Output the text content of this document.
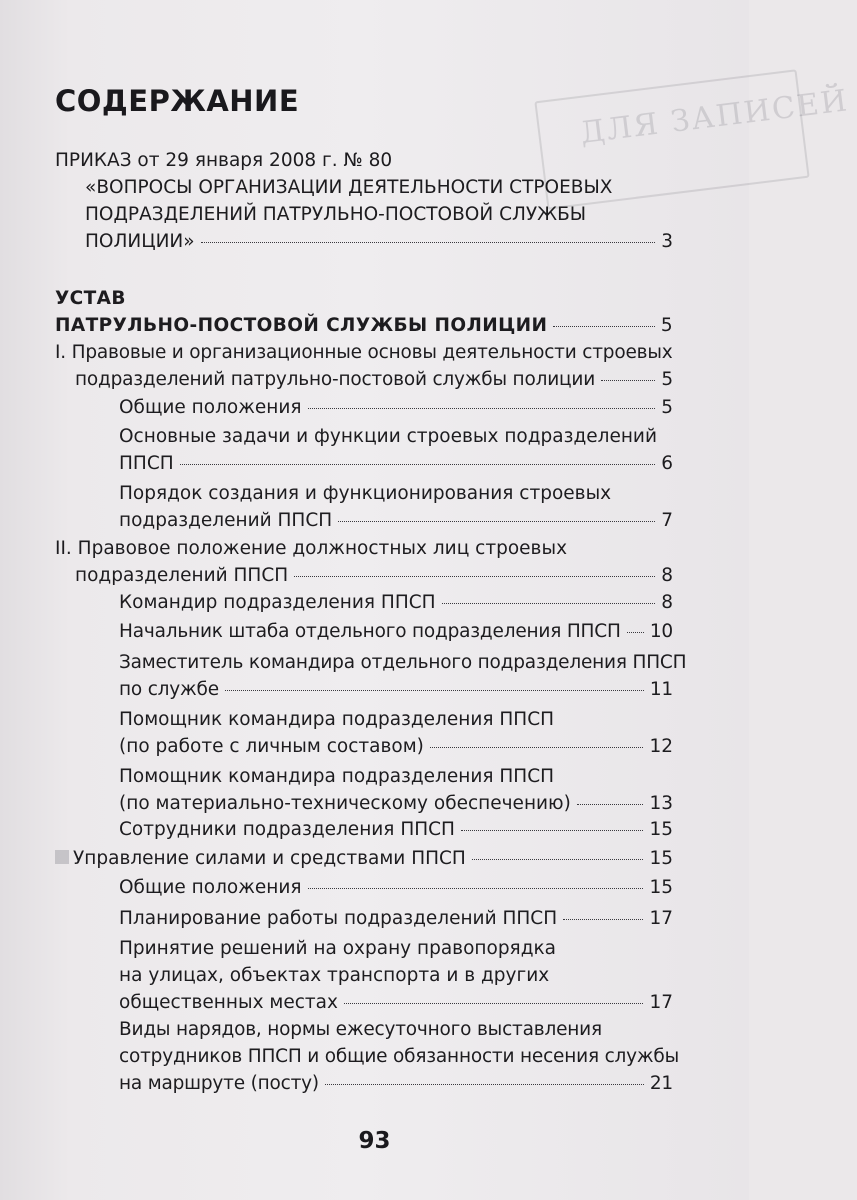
ДЛЯ ЗАПИСЕЙ
СОДЕРЖАНИЕ
ПРИКАЗ от 29 января 2008 г. № 80
«ВОПРОСЫ ОРГАНИЗАЦИИ ДЕЯТЕЛЬНОСТИ СТРОЕВЫХ
ПОДРАЗДЕЛЕНИЙ ПАТРУЛЬНО-ПОСТОВОЙ СЛУЖБЫ
ПОЛИЦИИ»	3
УСТАВ
ПАТРУЛЬНО-ПОСТОВОЙ СЛУЖБЫ ПОЛИЦИИ	5
I. Правовые и организационные основы деятельности строевых
подразделений патрульно-постовой службы полиции	5
Общие положения	5
Основные задачи и функции строевых подразделений
ППСП	6
Порядок создания и функционирования строевых
подразделений ППСП	7
II. Правовое положение должностных лиц строевых
подразделений ППСП	8
Командир подразделения ППСП	8
Начальник штаба отдельного подразделения ППСП 10
Заместитель командира отдельного подразделения ППСП
по службе	11
Помощник командира подразделения ППСП
(по работе с личным составом)	12
Помощник командира подразделения ППСП
(по материально-техническому обеспечению)	13
Сотрудники подразделения ППСП	15
Управление силами и средствами ППСП	15
Общие положения	15
Планирование работы подразделений ППСП	17
Принятие решений на охрану правопорядка
на улицах, объектах транспорта и в других
общественных местах	17
Виды нарядов, нормы ежесуточного выставления
сотрудников ППСП и общие обязанности несения службы
на маршруте (посту)	21
93
